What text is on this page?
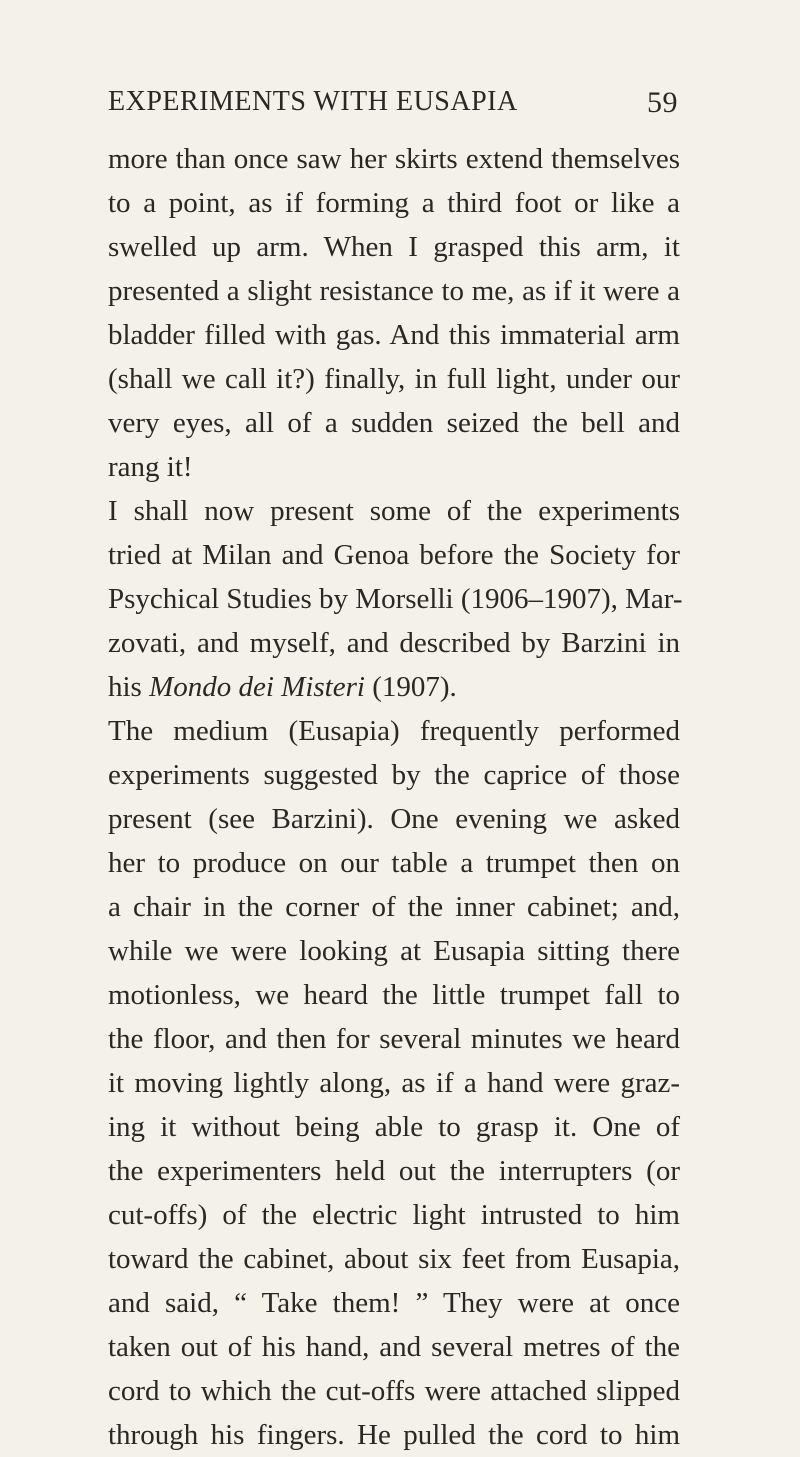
EXPERIMENTS WITH EUSAPIA	59
more than once saw her skirts extend themselves
to a point, as if forming a third foot or like a
swelled up arm. When I grasped this arm, it
presented a slight resistance to me, as if it were a
bladder filled with gas. And this immaterial arm
(shall we call it?) finally, in full light, under our
very eyes, all of a sudden seized the bell and
rang it!
I shall now present some of the experiments
tried at Milan and Genoa before the Society for
Psychical Studies by Morselli (1906–1907), Mar-
zovati, and myself, and described by Barzini in
his Mondo dei Misteri (1907).
The medium (Eusapia) frequently performed
experiments suggested by the caprice of those
present (see Barzini). One evening we asked
her to produce on our table a trumpet then on
a chair in the corner of the inner cabinet; and,
while we were looking at Eusapia sitting there
motionless, we heard the little trumpet fall to
the floor, and then for several minutes we heard
it moving lightly along, as if a hand were graz-
ing it without being able to grasp it. One of
the experimenters held out the interrupters (or
cut-offs) of the electric light intrusted to him
toward the cabinet, about six feet from Eusapia,
and said, “ Take them! ” They were at once
taken out of his hand, and several metres of the
cord to which the cut-offs were attached slipped
through his fingers. He pulled the cord to him
